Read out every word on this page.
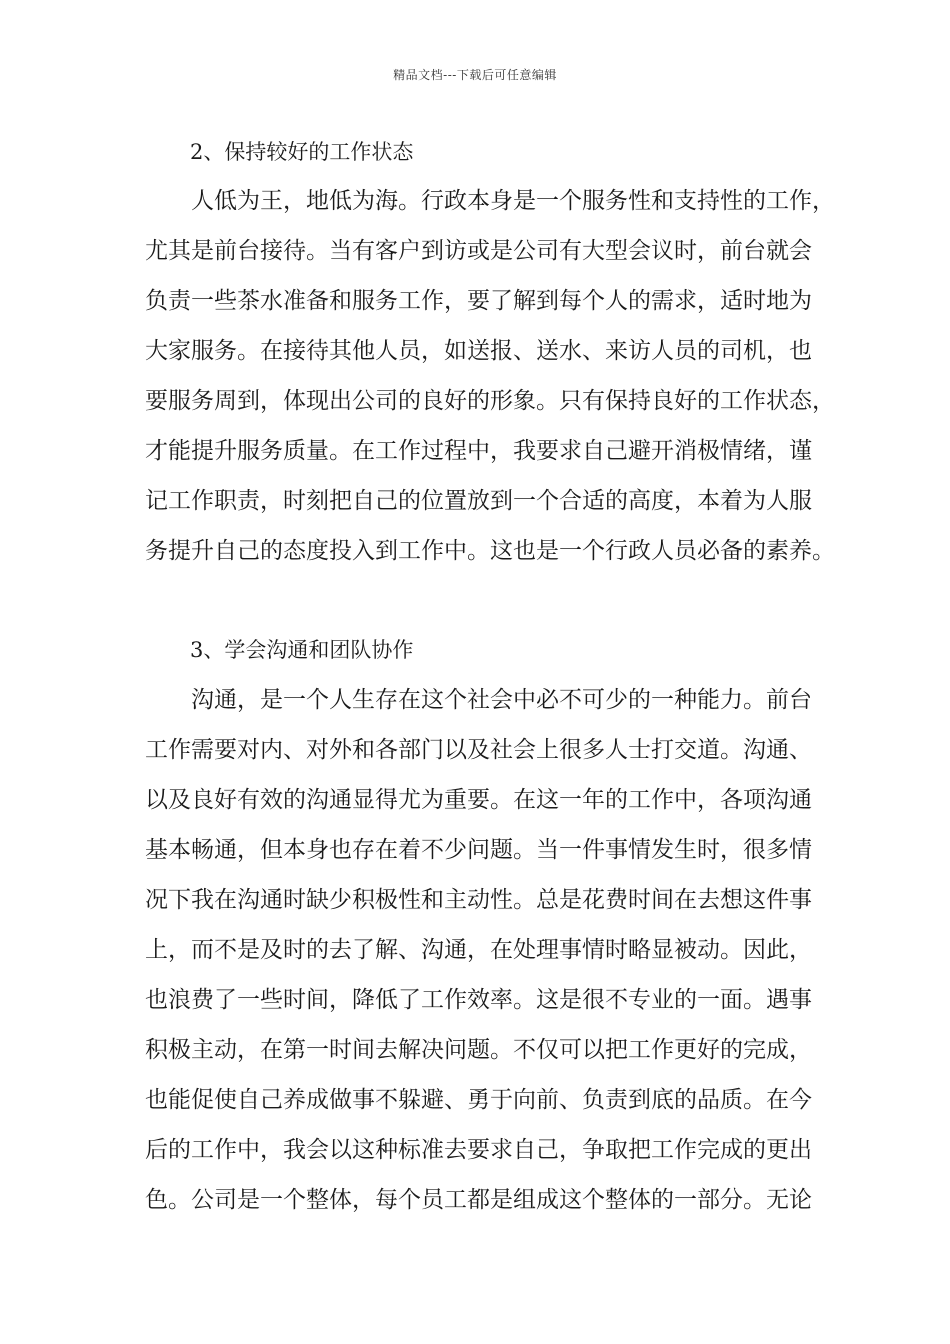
精品文档---下载后可任意编辑
2、保持较好的工作状态
人低为王，地低为海。行政本身是一个服务性和支持性的工作，
尤其是前台接待。当有客户到访或是公司有大型会议时，前台就会
负责一些茶水准备和服务工作，要了解到每个人的需求，适时地为
大家服务。在接待其他人员，如送报、送水、来访人员的司机，也
要服务周到，体现出公司的良好的形象。只有保持良好的工作状态，
才能提升服务质量。在工作过程中，我要求自己避开消极情绪，谨
记工作职责，时刻把自己的位置放到一个合适的高度，本着为人服
务提升自己的态度投入到工作中。这也是一个行政人员必备的素养。
3、学会沟通和团队协作
沟通，是一个人生存在这个社会中必不可少的一种能力。前台
工作需要对内、对外和各部门以及社会上很多人士打交道。沟通、
以及良好有效的沟通显得尤为重要。在这一年的工作中，各项沟通
基本畅通，但本身也存在着不少问题。当一件事情发生时，很多情
况下我在沟通时缺少积极性和主动性。总是花费时间在去想这件事
上，而不是及时的去了解、沟通，在处理事情时略显被动。因此，
也浪费了一些时间，降低了工作效率。这是很不专业的一面。遇事
积极主动，在第一时间去解决问题。不仅可以把工作更好的完成，
也能促使自己养成做事不躲避、勇于向前、负责到底的品质。在今
后的工作中，我会以这种标准去要求自己，争取把工作完成的更出
色。公司是一个整体，每个员工都是组成这个整体的一部分。无论
